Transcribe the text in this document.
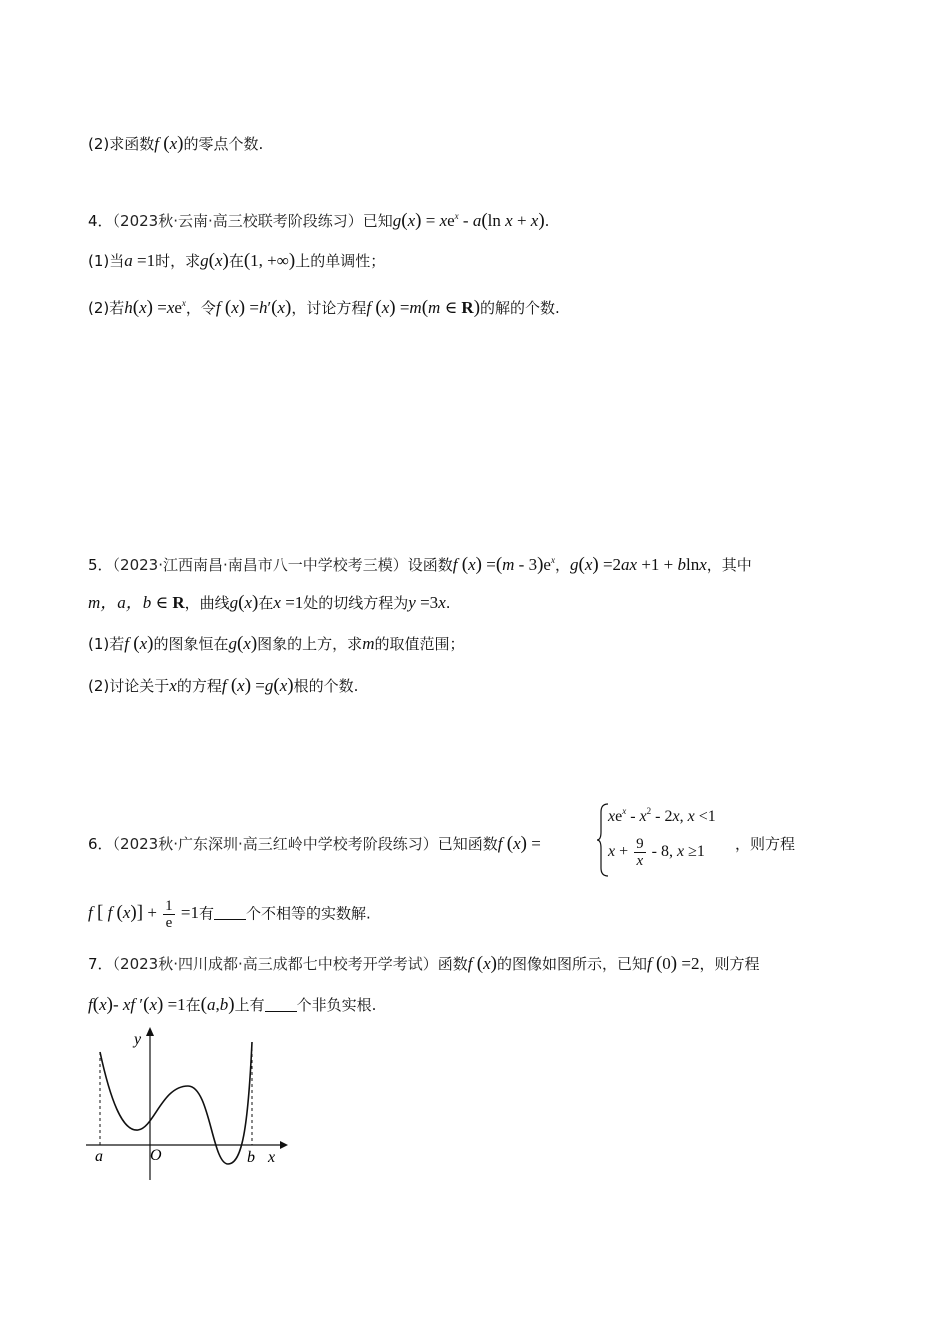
(2)求函数f (x)的零点个数.
4．（2023秋·云南·高三校联考阶段练习）已知$g(x) = xe^x - a(\ln$ x + x).
(1)当a =1时，求g(x)在(1, +∞)上的单调性；
(2)若$h(x) =xe^x$，令f (x) =h′(x)，讨论方程f (x) =m(m ∈ R)的解的个数.
5．（2023·江西南昌·南昌市八一中学校考三模）设函数f $(x) =(m - 3)e^x$，g(x) =2ax +1 + blnx，其中
m，a，b ∈ R，曲线g(x)在x =1处的切线方程为y =3x.
(1)若f (x)的图象恒在g(x)图象的上方，求m的取值范围；
(2)讨论关于x的方程f (x) =g(x)根的个数.
6．（2023秋·广东深圳·高三红岭中学校考阶段练习）已知函数f (x) =
$xe^x - x^2 - 2x$, x <1
$x + \frac{9}{x} - 8$, x ≥1 ，则方程
f [ f $(x)] + \frac{1}{e} =1$有 个不相等的实数解.
7．（2023秋·四川成都·高三成都七中校考开学考试）函数f (x)的图像如图所示，已知f (0) =2，则方程
f(x)- xf ′(x) =1在(a,b)上有 个非负实根.
y
x
O
a	b
